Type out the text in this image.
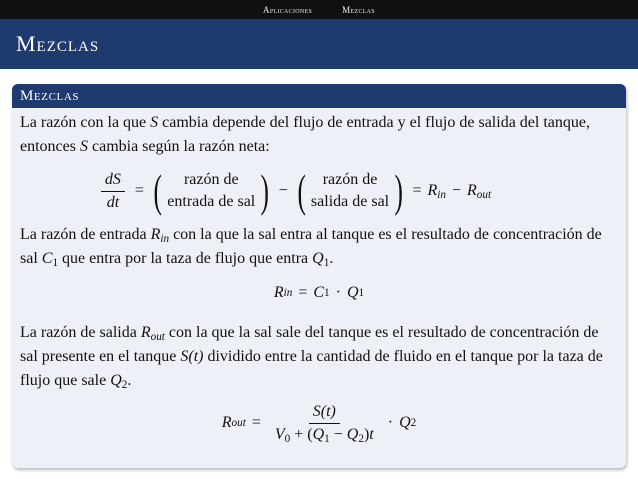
Aplicaciones	Mezclas
Mezclas
Mezclas

La razón con la que S cambia depende del flujo de entrada y el flujo de salida del tanque, entonces S cambia según la razón neta:

$\frac{dS}{dt}$ = ( razón de
entrada de sal ) − ( razón de
salida de sal ) = $R_{in} - R_{out}$

La razón de entrada $R_{in}$ con la que la sal entra al tanque es el resultado de concentración de sal $C_1$ que entra por la taza de flujo que entra $Q_1$.

R in = C 1 · Q 1

La razón de salida $R_{out}$ con la que la sal sale del tanque es el resultado de concentración de sal presente en el tanque S(t) dividido entre la cantidad de fluido en el tanque por la taza de flujo que sale $Q_2$.

R out = $\frac{S(t)}{V_0 + (Q_1 - Q_2)t} \cdot Q$ 2
